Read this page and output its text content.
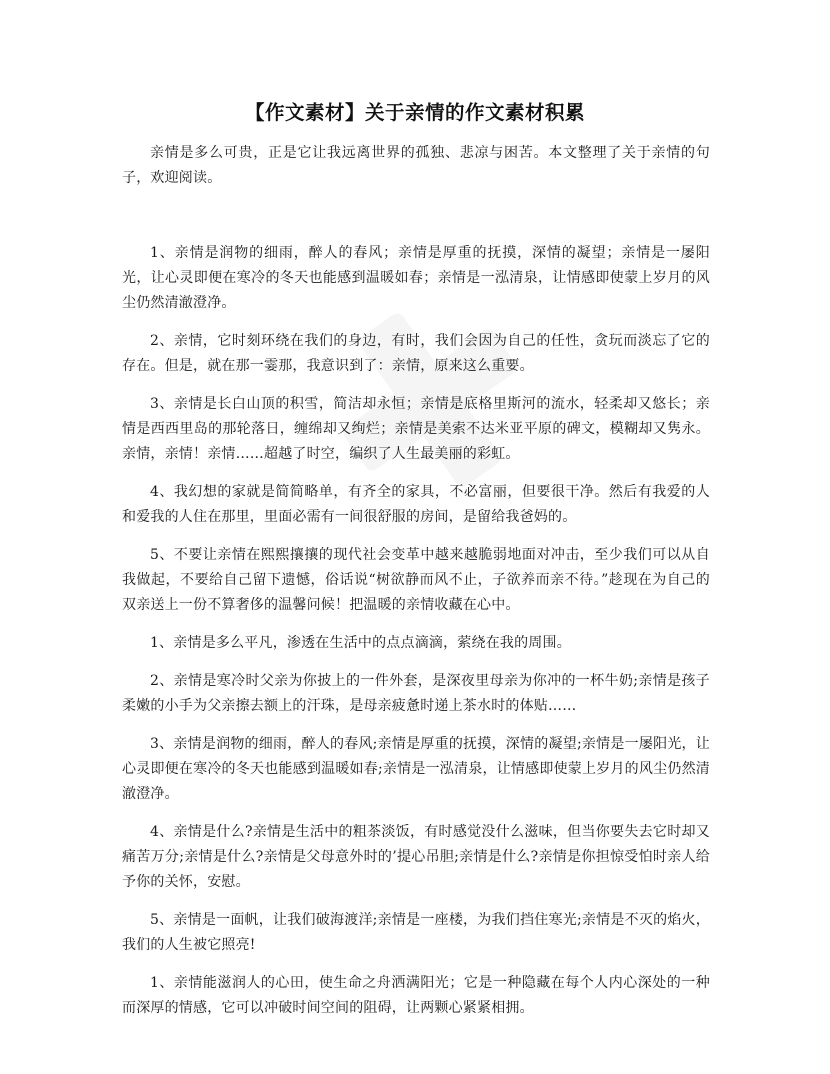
【作文素材】关于亲情的作文素材积累

亲情是多么可贵，正是它让我远离世界的孤独、悲凉与困苦。本文整理了关于亲情的句子，欢迎阅读。

1、亲情是润物的细雨，醉人的春风；亲情是厚重的抚摸，深情的凝望；亲情是一屡阳光，让心灵即便在寒冷的冬天也能感到温暖如春；亲情是一泓清泉，让情感即使蒙上岁月的风尘仍然清澈澄净。

2、亲情，它时刻环绕在我们的身边，有时，我们会因为自己的任性，贪玩而淡忘了它的存在。但是，就在那一霎那，我意识到了：亲情，原来这么重要。

3、亲情是长白山顶的积雪，简洁却永恒；亲情是底格里斯河的流水，轻柔却又悠长；亲情是西西里岛的那轮落日，缠绵却又绚烂；亲情是美索不达米亚平原的碑文，模糊却又隽永。亲情，亲情！亲情……超越了时空，编织了人生最美丽的彩虹。

4、我幻想的家就是简简略单，有齐全的家具，不必富丽，但要很干净。然后有我爱的人和爱我的人住在那里，里面必需有一间很舒服的房间，是留给我爸妈的。

5、不要让亲情在熙熙攘攘的现代社会变革中越来越脆弱地面对冲击，至少我们可以从自我做起，不要给自己留下遗憾，俗话说“树欲静而风不止，子欲养而亲不待。”趁现在为自己的双亲送上一份不算奢侈的温馨问候！把温暖的亲情收藏在心中。

1、亲情是多么平凡，渗透在生活中的点点滴滴，萦绕在我的周围。

2、亲情是寒冷时父亲为你披上的一件外套，是深夜里母亲为你冲的一杯牛奶;亲情是孩子柔嫩的小手为父亲擦去额上的汗珠，是母亲疲惫时递上茶水时的体贴……

3、亲情是润物的细雨，醉人的春风;亲情是厚重的抚摸，深情的凝望;亲情是一屡阳光，让心灵即便在寒冷的冬天也能感到温暖如春;亲情是一泓清泉，让情感即使蒙上岁月的风尘仍然清澈澄净。

4、亲情是什么?亲情是生活中的粗茶淡饭，有时感觉没什么滋味，但当你要失去它时却又痛苦万分;亲情是什么?亲情是父母意外时的’提心吊胆;亲情是什么?亲情是你担惊受怕时亲人给予你的关怀，安慰。

5、亲情是一面帆，让我们破海渡洋;亲情是一座楼，为我们挡住寒光;亲情是不灭的焰火，我们的人生被它照亮!

1、亲情能滋润人的心田，使生命之舟洒满阳光；它是一种隐藏在每个人内心深处的一种而深厚的情感，它可以冲破时间空间的阻碍，让两颗心紧紧相拥。
